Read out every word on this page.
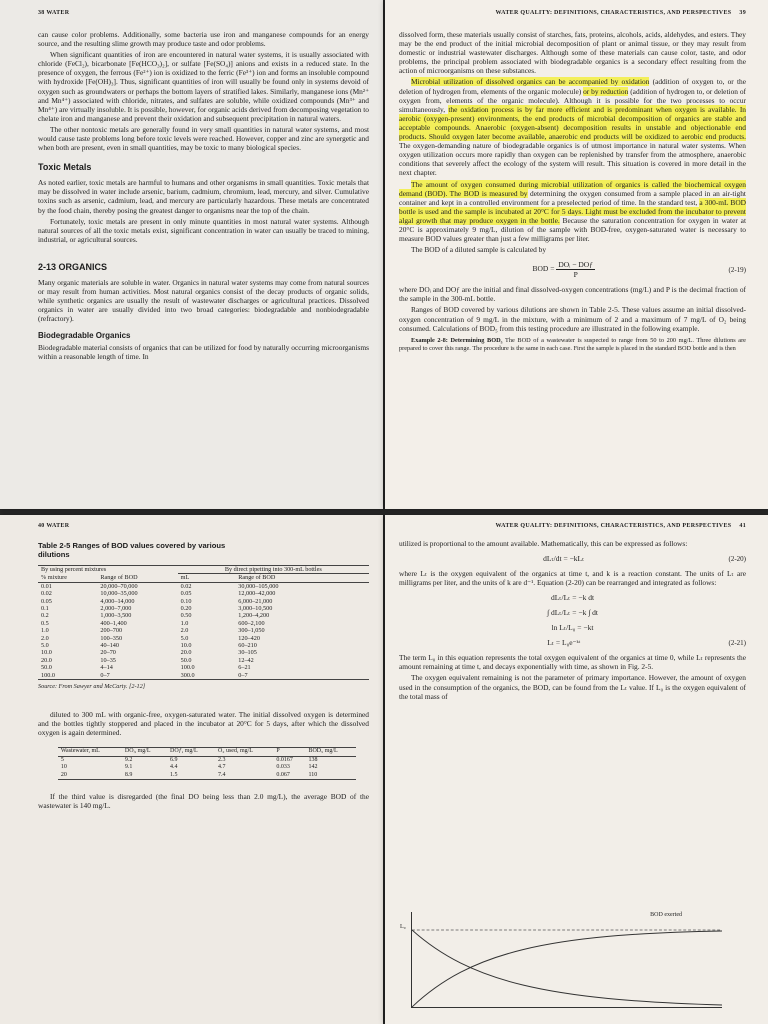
38 WATER

can cause color problems. Additionally, some bacteria use iron and manganese compounds for an energy source, and the resulting slime growth may produce taste and odor problems.

When significant quantities of iron are encountered in natural water systems, it is usually associated with chloride (FeCl₂), bicarbonate [Fe(HCO₃)₂], or sulfate [Fe(SO₄)] anions and exists in a reduced state. In the presence of oxygen, the ferrous (Fe²⁺) ion is oxidized to the ferric (Fe³⁺) ion and forms an insoluble compound with hydroxide [Fe(OH)₃]. Thus, significant quantities of iron will usually be found only in systems devoid of oxygen such as groundwaters or perhaps the bottom layers of stratified lakes. Similarly, manganese ions (Mn²⁺ and Mn⁴⁺) associated with chloride, nitrates, and sulfates are soluble, while oxidized compounds (Mn³⁺ and Mn⁴⁺) are virtually insoluble. It is possible, however, for organic acids derived from decomposing vegetation to chelate iron and manganese and prevent their oxidation and subsequent precipitation in natural waters.

The other nontoxic metals are generally found in very small quantities in natural water systems, and most would cause taste problems long before toxic levels were reached. However, copper and zinc are synergetic and when both are present, even in small quantities, may be toxic to many biological species.

Toxic Metals

As noted earlier, toxic metals are harmful to humans and other organisms in small quantities. Toxic metals that may be dissolved in water include arsenic, barium, cadmium, chromium, lead, mercury, and silver. Cumulative toxins such as arsenic, cadmium, lead, and mercury are particularly hazardous. These metals are concentrated by the food chain, thereby posing the greatest danger to organisms near the top of the chain.

Fortunately, toxic metals are present in only minute quantities in most natural water systems. Although natural sources of all the toxic metals exist, significant concentration in water can usually be traced to mining, industrial, or agricultural sources.

2-13 ORGANICS

Many organic materials are soluble in water. Organics in natural water systems may come from natural sources or may result from human activities. Most natural organics consist of the decay products of organic solids, while synthetic organics are usually the result of wastewater discharges or agricultural practices. Dissolved organics in water are usually divided into two broad categories: biodegradable and nonbiodegradable (refractory).

Biodegradable Organics

Biodegradable material consists of organics that can be utilized for food by naturally occurring microorganisms within a reasonable length of time. In

WATER QUALITY: DEFINITIONS, CHARACTERISTICS, AND PERSPECTIVES 39

dissolved form, these materials usually consist of starches, fats, proteins, alcohols, acids, aldehydes, and esters. They may be the end product of the initial microbial decomposition of plant or animal tissue, or they may result from domestic or industrial wastewater discharges. Although some of these materials can cause color, taste, and odor problems, the principal problem associated with biodegradable organics is a secondary effect resulting from the action of microorganisms on these substances.

Microbial utilization of dissolved organics can be accompanied by oxidation (addition of oxygen to, or the deletion of hydrogen from, elements of the organic molecule) or by reduction (addition of hydrogen to, or deletion of oxygen from, elements of the organic molecule). Although it is possible for the two processes to occur simultaneously, the oxidation process is by far more efficient and is predominant when oxygen is available. In aerobic (oxygen-present) environments, the end products of microbial decomposition of organics are stable and acceptable compounds. Anaerobic (oxygen-absent) decomposition results in unstable and objectionable end products. Should oxygen later become available, anaerobic end products will be oxidized to aerobic end products. The oxygen-demanding nature of biodegradable organics is of utmost importance in natural water systems. When oxygen utilization occurs more rapidly than oxygen can be replenished by transfer from the atmosphere, anaerobic conditions that severely affect the ecology of the system will result. This situation is covered in more detail in the next chapter.

The amount of oxygen consumed during microbial utilization of organics is called the biochemical oxygen demand (BOD). The BOD is measured by determining the oxygen consumed from a sample placed in an air-tight container and kept in a controlled environment for a preselected period of time. In the standard test, a 300-mL BOD bottle is used and the sample is incubated at 20°C for 5 days. Light must be excluded from the incubator to prevent algal growth that may produce oxygen in the bottle. Because the saturation concentration for oxygen in water at 20°C is approximately 9 mg/L, dilution of the sample with BOD-free, oxygen-saturated water is necessary to measure BOD values greater than just a few milligrams per liter.

The BOD of a diluted sample is calculated by

BOD = $\frac{\text{DOᵢ − DOƒ}}{P}$	(2-19)

where DOᵢ and DOƒ are the initial and final dissolved-oxygen concentrations (mg/L) and P is the decimal fraction of the sample in the 300-mL bottle.

Ranges of BOD covered by various dilutions are shown in Table 2-5. These values assume an initial dissolved-oxygen concentration of 9 mg/L in the mixture, with a minimum of 2 and a maximum of 7 mg/L of O₂ being consumed. Calculations of BOD₅ from this testing procedure are illustrated in the following example.

Example 2-8: Determining BOD₅ The BOD of a wastewater is suspected to range from 50 to 200 mg/L. Three dilutions are prepared to cover this range. The procedure is the same in each case. First the sample is placed in the standard BOD bottle and is then

40 WATER
Table 2-5 Ranges of BOD values covered by various dilutions
By using percent mixtures		By direct pipetting into 300-mL bottles	
% mixture	Range of BOD	mL	Range of BOD
0.01	20,000–70,000	0.02	30,000–105,000
0.02	10,000–35,000	0.05	12,000–42,000
0.05	4,000–14,000	0.10	6,000–21,000
0.1	2,000–7,000	0.20	3,000–10,500
0.2	1,000–3,500	0.50	1,200–4,200
0.5	400–1,400	1.0	600–2,100
1.0	200–700	2.0	300–1,050
2.0	100–350	5.0	120–420
5.0	40–140	10.0	60–210
10.0	20–70	20.0	30–105
20.0	10–35	50.0	12–42
50.0	4–14	100.0	6–21
100.0	0–7	300.0	0–7
Source: From Sawyer and McCarty. [2-12]

diluted to 300 mL with organic-free, oxygen-saturated water. The initial dissolved oxygen is determined and the bottles tightly stoppered and placed in the incubator at 20°C for 5 days, after which the dissolved oxygen is again determined.

Wastewater, mL	DOᵢ, mg/L	DOƒ, mg/L	O₂ used, mg/L	P	BOD₅ mg/L
5	9.2	6.9	2.3	0.0167	138
10	9.1	4.4	4.7	0.033	142
20	8.9	1.5	7.4	0.067	110

If the third value is disregarded (the final DO being less than 2.0 mg/L), the average BOD of the wastewater is 140 mg/L.

WATER QUALITY: DEFINITIONS, CHARACTERISTICS, AND PERSPECTIVES 41

utilized is proportional to the amount available. Mathematically, this can be expressed as follows:

dLₜ/dt = −kLₜ	(2-20)

where Lₜ is the oxygen equivalent of the organics at time t, and k is a reaction constant. The units of Lₜ are milligrams per liter, and the units of k are d⁻¹. Equation (2-20) can be rearranged and integrated as follows:

dLₜ/Lₜ = −k dt
∫ dLₜ/Lₜ = −k ∫ dt
ln Lₜ/L₀ = −kt
Lₜ = L₀e⁻ᵏᵗ	(2-21)

The term L₀ in this equation represents the total oxygen equivalent of the organics at time 0, while Lₜ represents the amount remaining at time t, and decays exponentially with time, as shown in Fig. 2-5.

The oxygen equivalent remaining is not the parameter of primary importance. However, the amount of oxygen used in the consumption of the organics, the BOD, can be found from the Lₜ value. If L₀ is the oxygen equivalent of the total mass of

L₀
BOD exerted
